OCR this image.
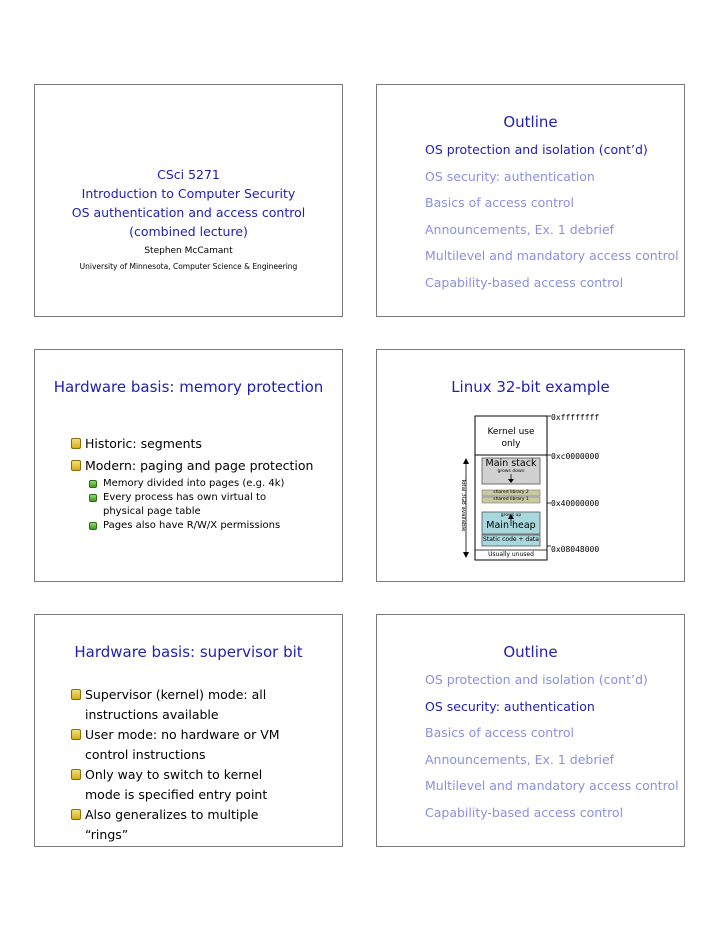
CSci 5271
Introduction to Computer Security
OS authentication and access control
(combined lecture)
Stephen McCamant
University of Minnesota, Computer Science & Engineering
Outline
OS protection and isolation (cont’d)
OS security: authentication
Basics of access control
Announcements, Ex. 1 debrief
Multilevel and mandatory access control
Capability-based access control
Hardware basis: memory protection
Historic: segments
Modern: paging and page protection
Memory divided into pages (e.g. 4k)
Every process has own virtual to physical page table
Pages also have R/W/X permissions
Linux 32-bit example
0xffffffff
0xc0000000
0x40000000
0x08048000
Kernel use only
Main stack
grows down
shared library 2
shared library 1
grows up
Main heap
Static code + data
Usually unused
Total 3GB available
Hardware basis: supervisor bit
Supervisor (kernel) mode: all instructions available
User mode: no hardware or VM control instructions
Only way to switch to kernel mode is specified entry point
Also generalizes to multiple “rings”
Outline
OS protection and isolation (cont’d)
OS security: authentication
Basics of access control
Announcements, Ex. 1 debrief
Multilevel and mandatory access control
Capability-based access control
